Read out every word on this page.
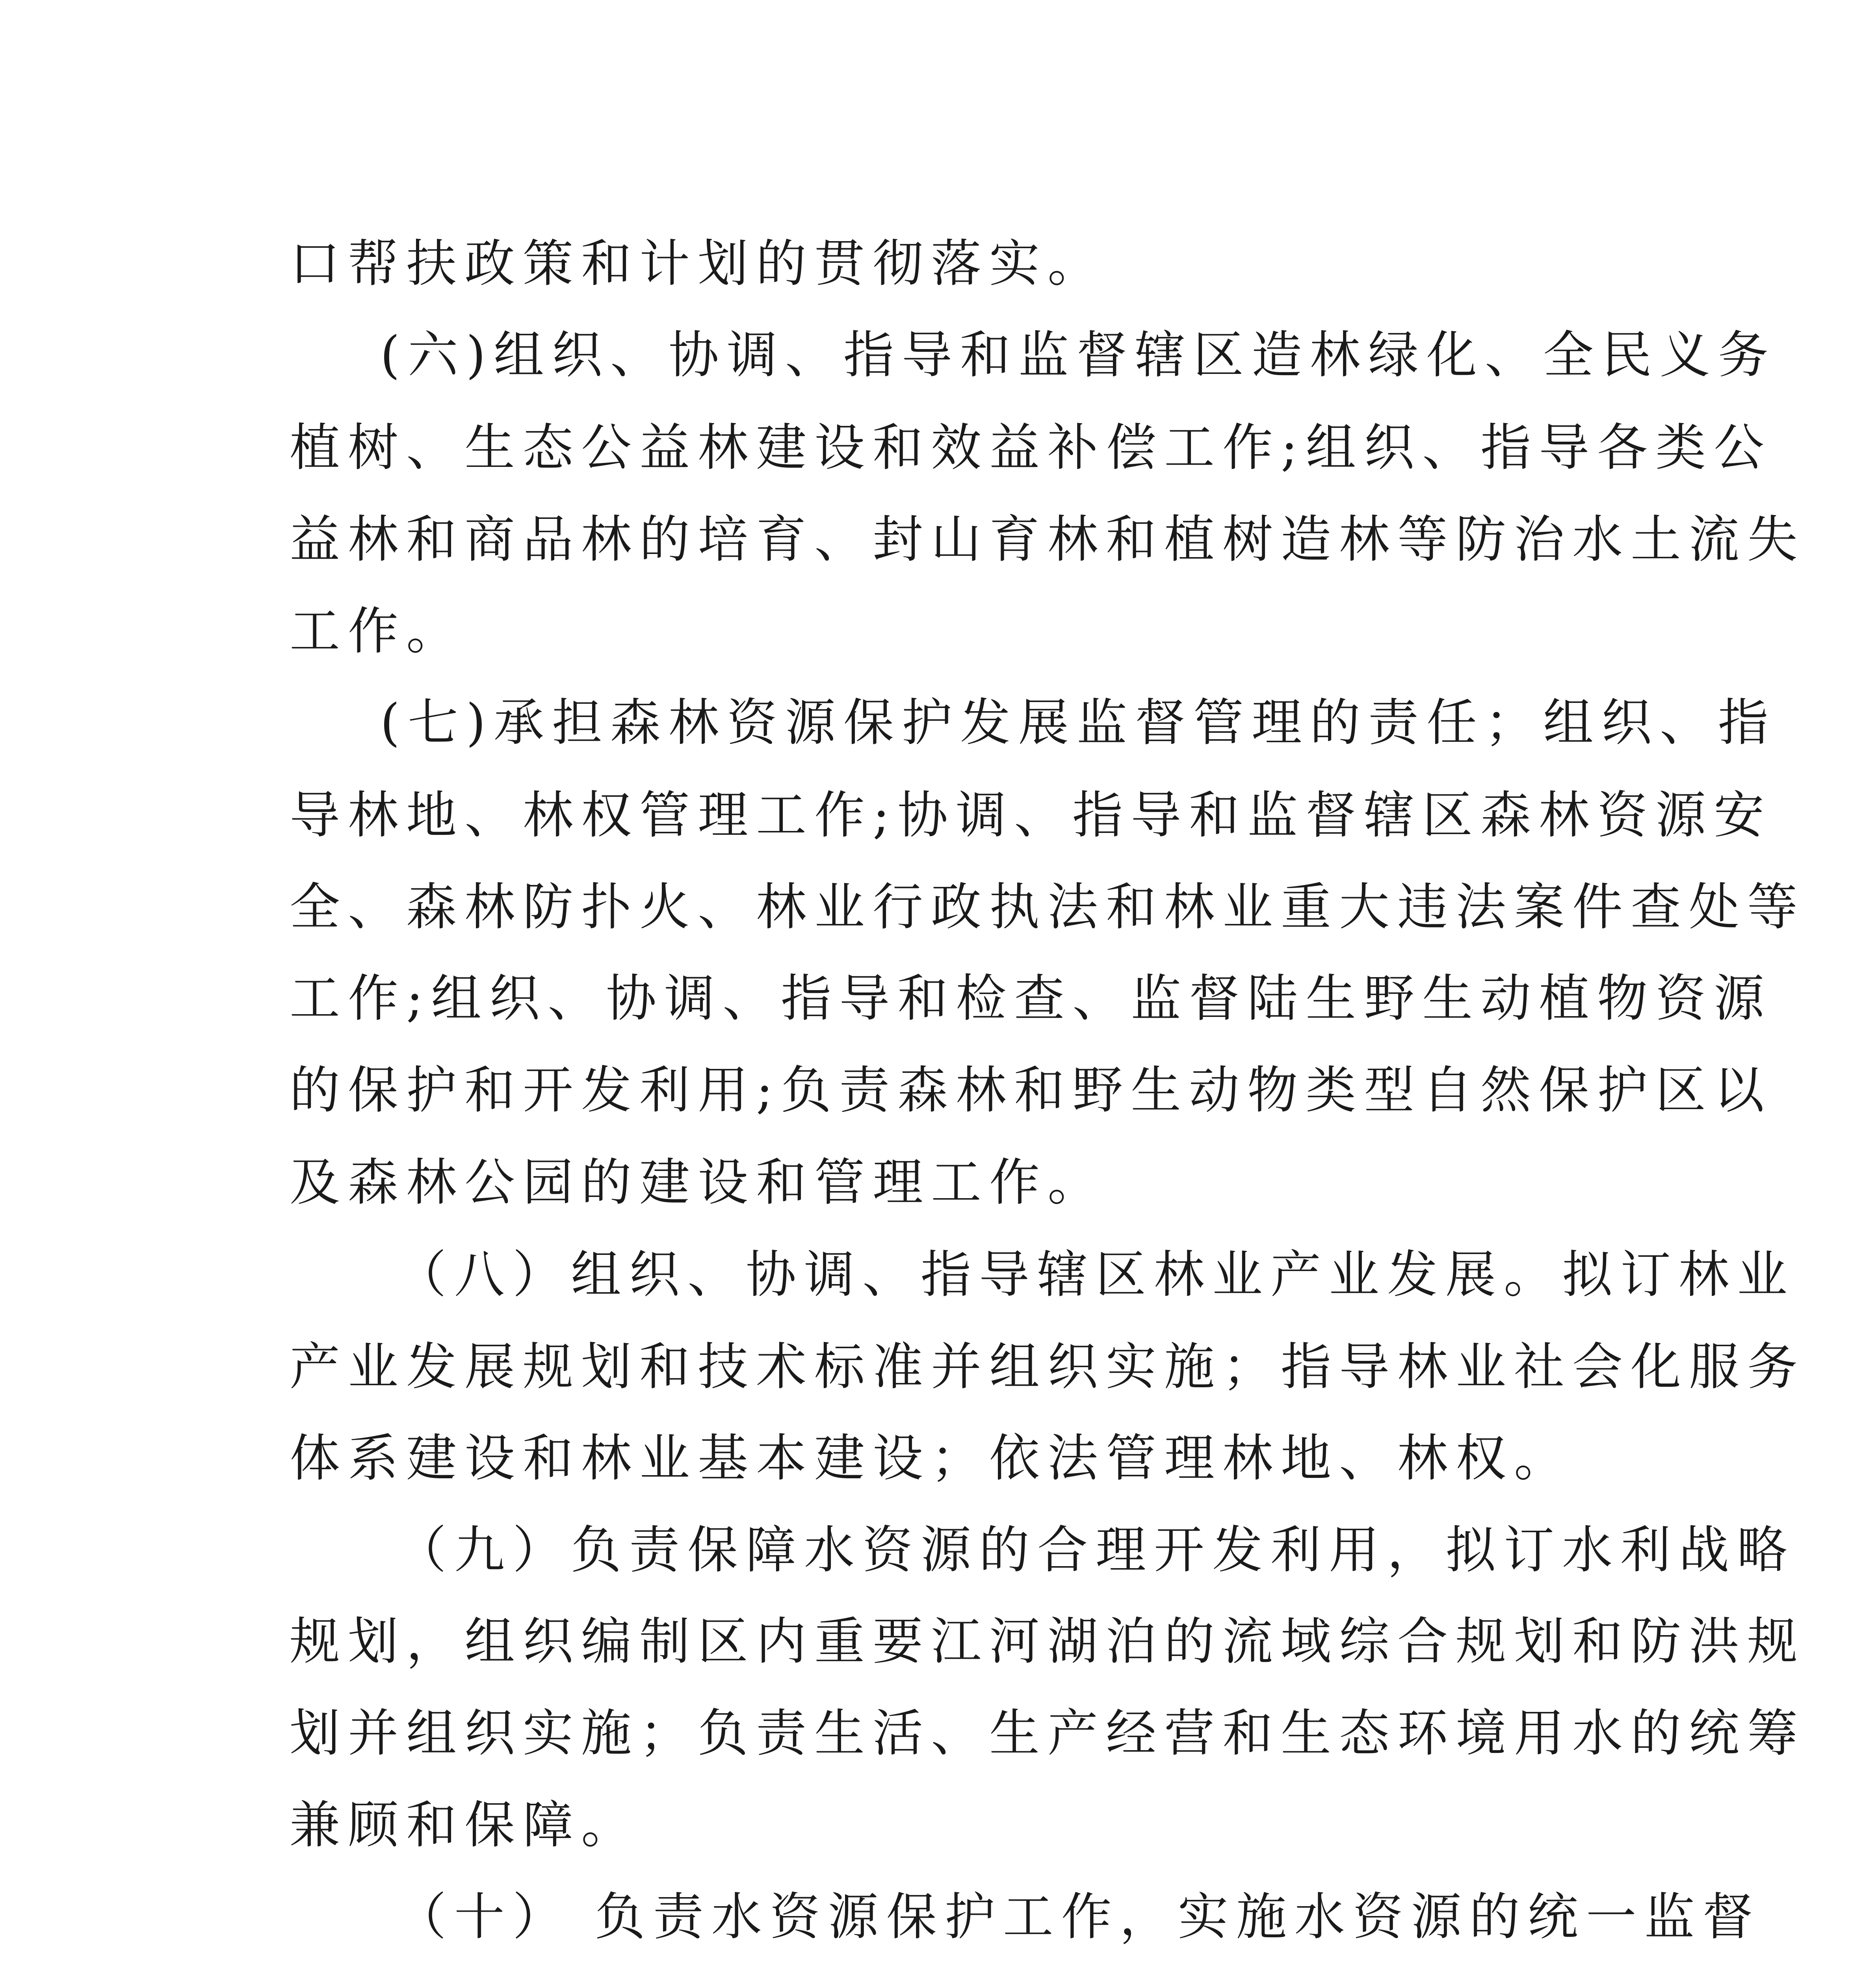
口帮扶政策和计划的贯彻落实。
(六)组织、协调、指导和监督辖区造林绿化、全民义务
植树、生态公益林建设和效益补偿工作;组织、指导各类公
益林和商品林的培育、封山育林和植树造林等防治水土流失
工作。
(七)承担森林资源保护发展监督管理的责任；组织、指
导林地、林权管理工作;协调、指导和监督辖区森林资源安
全、森林防扑火、林业行政执法和林业重大违法案件查处等
工作;组织、协调、指导和检查、监督陆生野生动植物资源
的保护和开发利用;负责森林和野生动物类型自然保护区以
及森林公园的建设和管理工作。
（八）组织、协调、指导辖区林业产业发展。拟订林业
产业发展规划和技术标准并组织实施；指导林业社会化服务
体系建设和林业基本建设；依法管理林地、林权。
（九）负责保障水资源的合理开发利用，拟订水利战略
规划，组织编制区内重要江河湖泊的流域综合规划和防洪规
划并组织实施；负责生活、生产经营和生态环境用水的统筹
兼顾和保障。
（十） 负责水资源保护工作，实施水资源的统一监督
